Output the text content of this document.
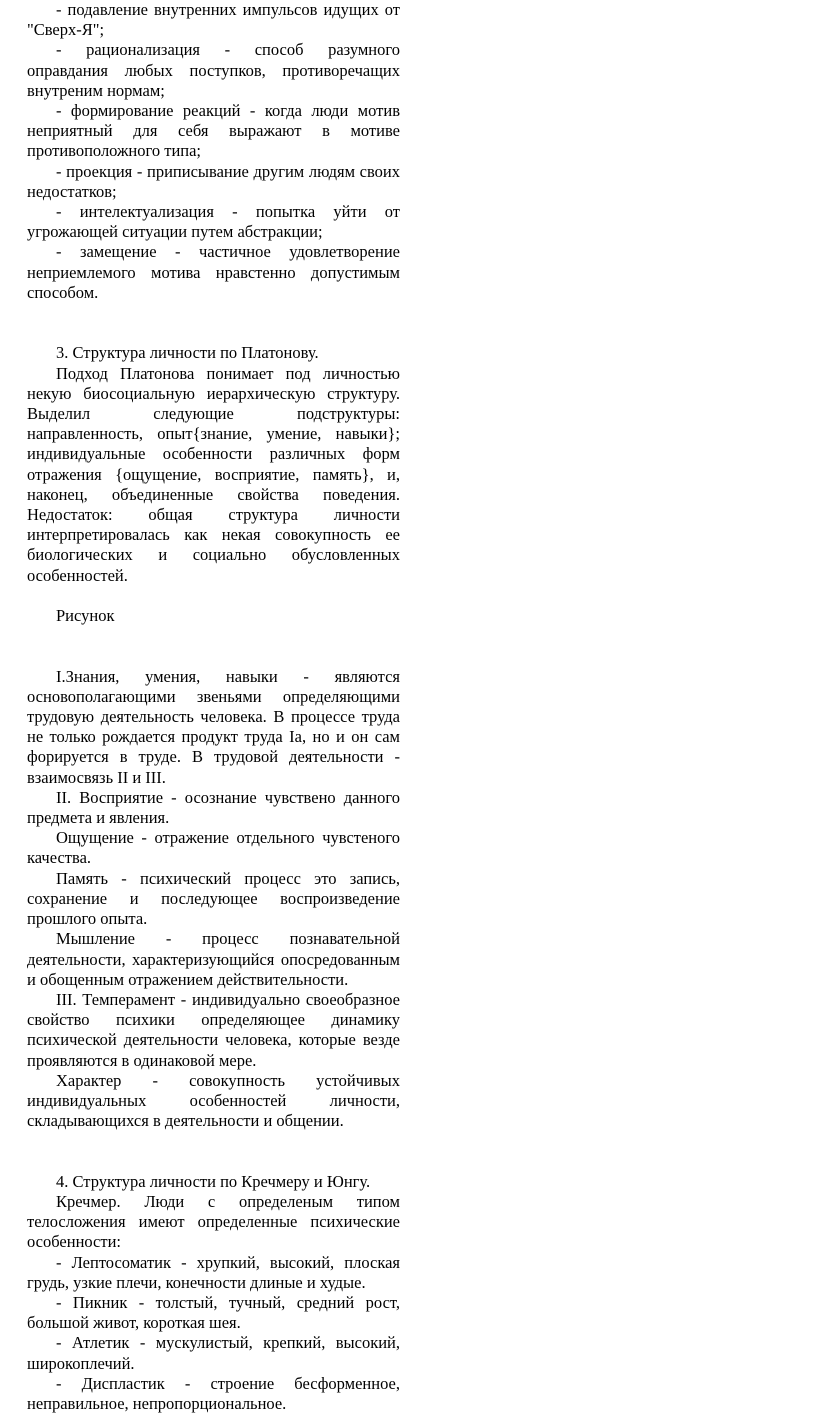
- подавление внутренних импульсов идущих от "Сверх-Я";

- рационализация - способ разумного оправдания любых поступков, противоречащих внутреним нормам;

- формирование реакций - когда люди мотив неприятный для себя выражают в мотиве противоположного типа;

- проекция - приписывание другим людям своих недостатков;

- интелектуализация - попытка уйти от угрожающей ситуации путем абстракции;

- замещение - частичное удовлетворение неприемлемого мотива нравстенно допустимым способом.

3. Структура личности по Платонову.

Подход Платонова понимает под личностью некую биосоциальную иерархическую структуру. Выделил следующие подструктуры: направленность, опыт{знание, умение, навыки}; индивидуальные особенности различных форм отражения {ощущение, восприятие, память}, и, наконец, объединенные свойства поведения. Недостаток: общая структура личности интерпретировалась как некая совокупность ее биологических и социально обусловленных особенностей.

Рисунок

I.Знания, умения, навыки - являются основополагающими звеньями определяющими трудовую деятельность человека. В процессе труда не только рождается продукт труда Ia, но и он сам форируется в труде. В трудовой деятельности - взаимосвязь II и III.

II. Восприятие - осознание чувствено данного предмета и явления.

Ощущение - отражение отдельного чувстеного качества.

Память - психический процесс это запись, сохранение и последующее воспроизведение прошлого опыта.

Мышление - процесс познавательной деятельности, характеризующийся опосредованным и обощенным отражением действительности.

III. Темперамент - индивидуально своеобразное свойство психики определяющее динамику психической деятельности человека, которые везде проявляются в одинаковой мере.

Характер - совокупность устойчивых индивидуальных особенностей личности, складывающихся в деятельности и общении.

4. Структура личности по Кречмеру и Юнгу.

Кречмер. Люди с определеным типом телосложения имеют определенные психические особенности:

- Лептосоматик - хрупкий, высокий, плоская грудь, узкие плечи, конечности длиные и худые.

- Пикник - толстый, тучный, средний рост, большой живот, короткая шея.

- Атлетик - мускулистый, крепкий, высокий, широкоплечий.

- Диспластик - строение бесформенное, неправильное, непропорциональное.
